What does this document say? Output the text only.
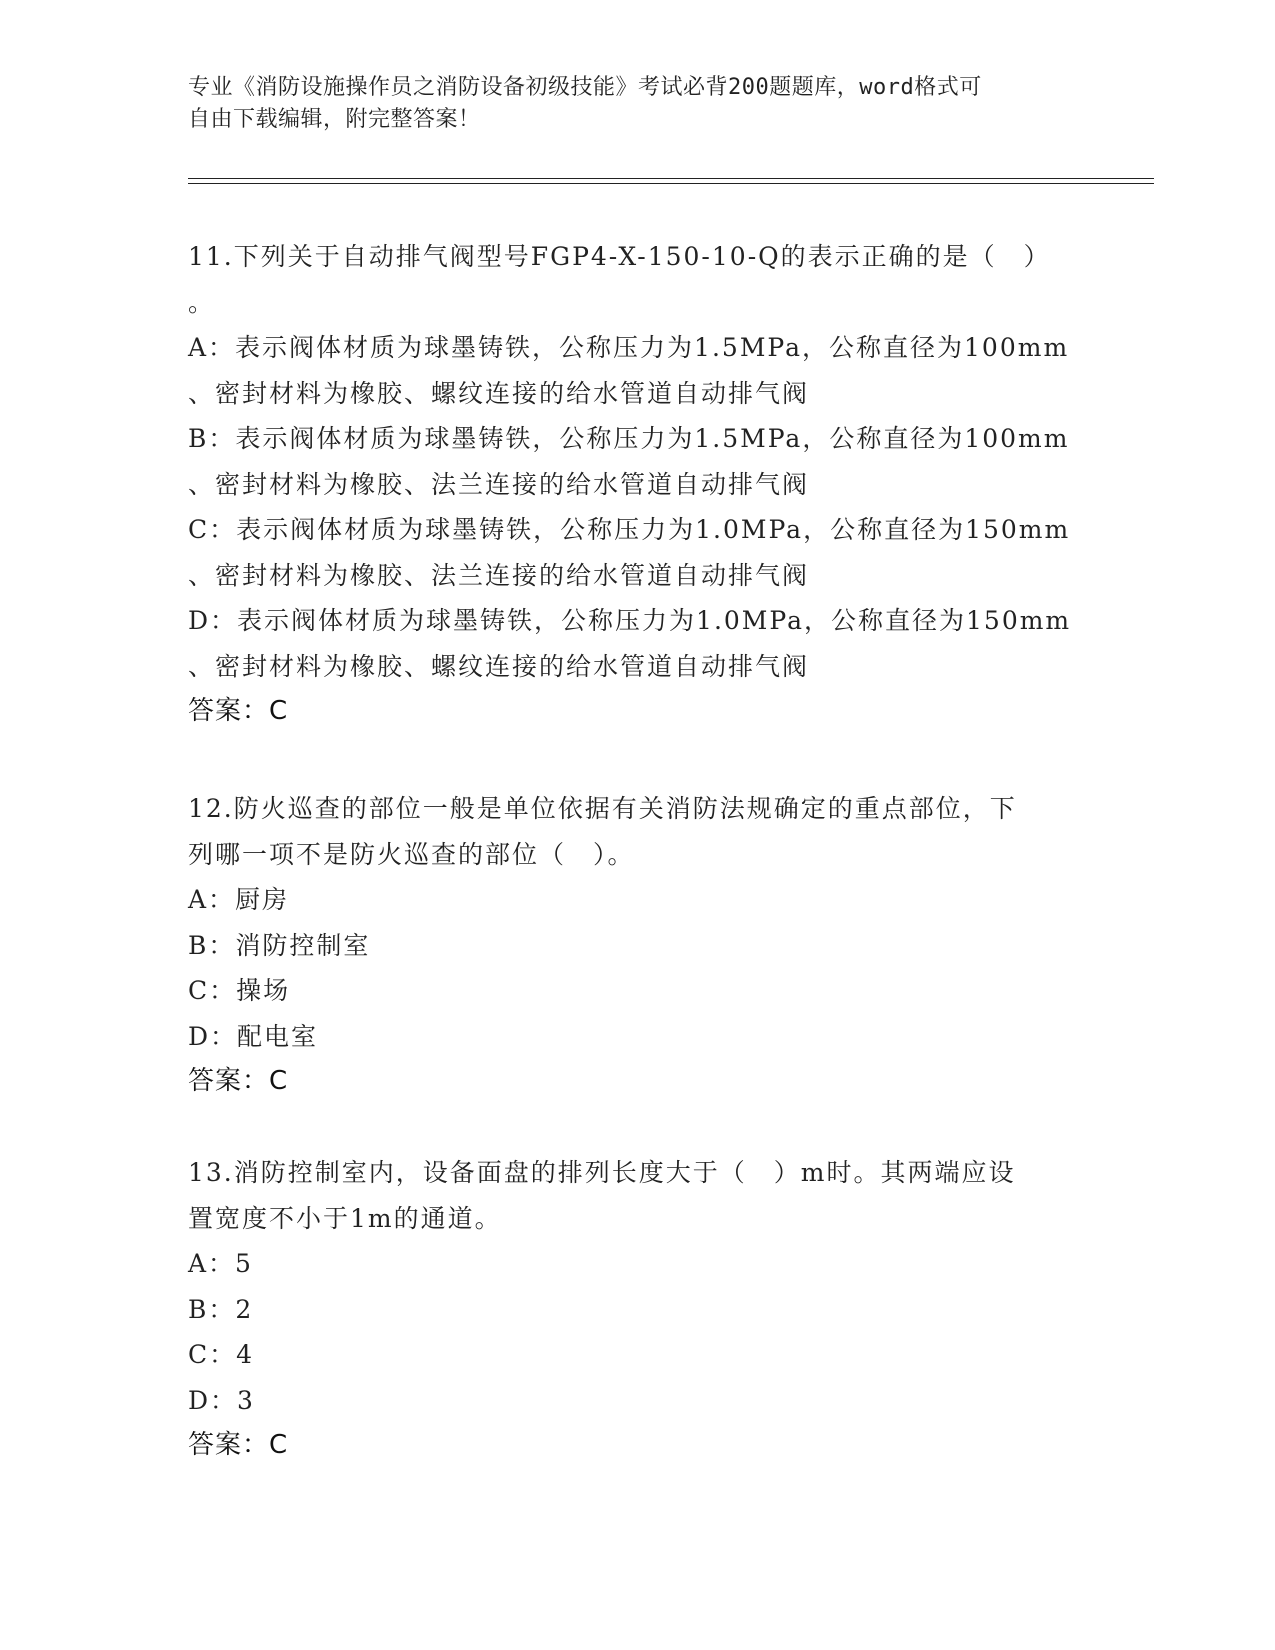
专业《消防设施操作员之消防设备初级技能》考试必背200题题库，word格式可
自由下载编辑，附完整答案！
11.下列关于自动排气阀型号FGP4-X-150-10-Q的表示正确的是（　）
。
A：表示阀体材质为球墨铸铁，公称压力为1.5MPa，公称直径为100mm
、密封材料为橡胶、螺纹连接的给水管道自动排气阀
B：表示阀体材质为球墨铸铁，公称压力为1.5MPa，公称直径为100mm
、密封材料为橡胶、法兰连接的给水管道自动排气阀
C：表示阀体材质为球墨铸铁，公称压力为1.0MPa，公称直径为150mm
、密封材料为橡胶、法兰连接的给水管道自动排气阀
D：表示阀体材质为球墨铸铁，公称压力为1.0MPa，公称直径为150mm
、密封材料为橡胶、螺纹连接的给水管道自动排气阀
答案：C
12.防火巡查的部位一般是单位依据有关消防法规确定的重点部位，下
列哪一项不是防火巡查的部位（　）。
A：厨房
B：消防控制室
C：操场
D：配电室
答案：C
13.消防控制室内，设备面盘的排列长度大于（　）m时。其两端应设
置宽度不小于1m的通道。
A：5
B：2
C：4
D：3
答案：C
